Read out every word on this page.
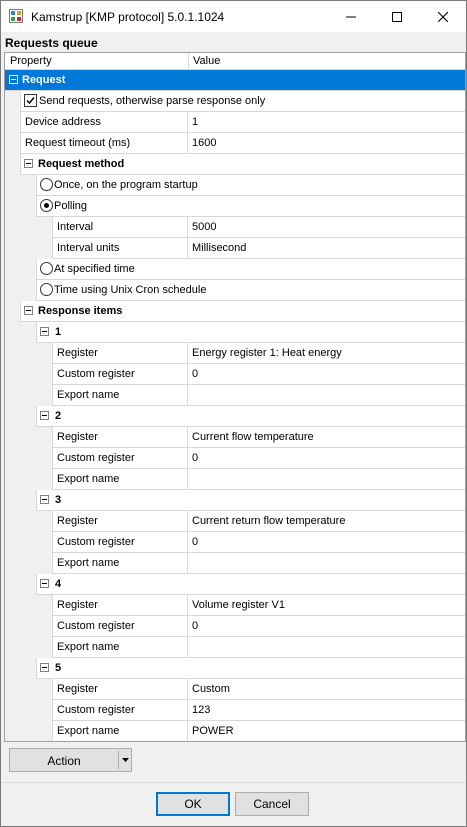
Kamstrup [KMP protocol] 5.0.1.1024
Requests queue
Property	Value
Request
Send requests, otherwise parse response only
Device address	1
Request timeout (ms)	1600
Request method
Once, on the program startup
Polling
Interval	5000
Interval units	Millisecond
At specified time
Time using Unix Cron schedule
Response items
1
Register	Energy register 1: Heat energy
Custom register	0
Export name
2
Register	Current flow temperature
Custom register	0
Export name
3
Register	Current return flow temperature
Custom register	0
Export name
4
Register	Volume register V1
Custom register	0
Export name
5
Register	Custom
Custom register	123
Export name	POWER
Action
OK	Cancel
